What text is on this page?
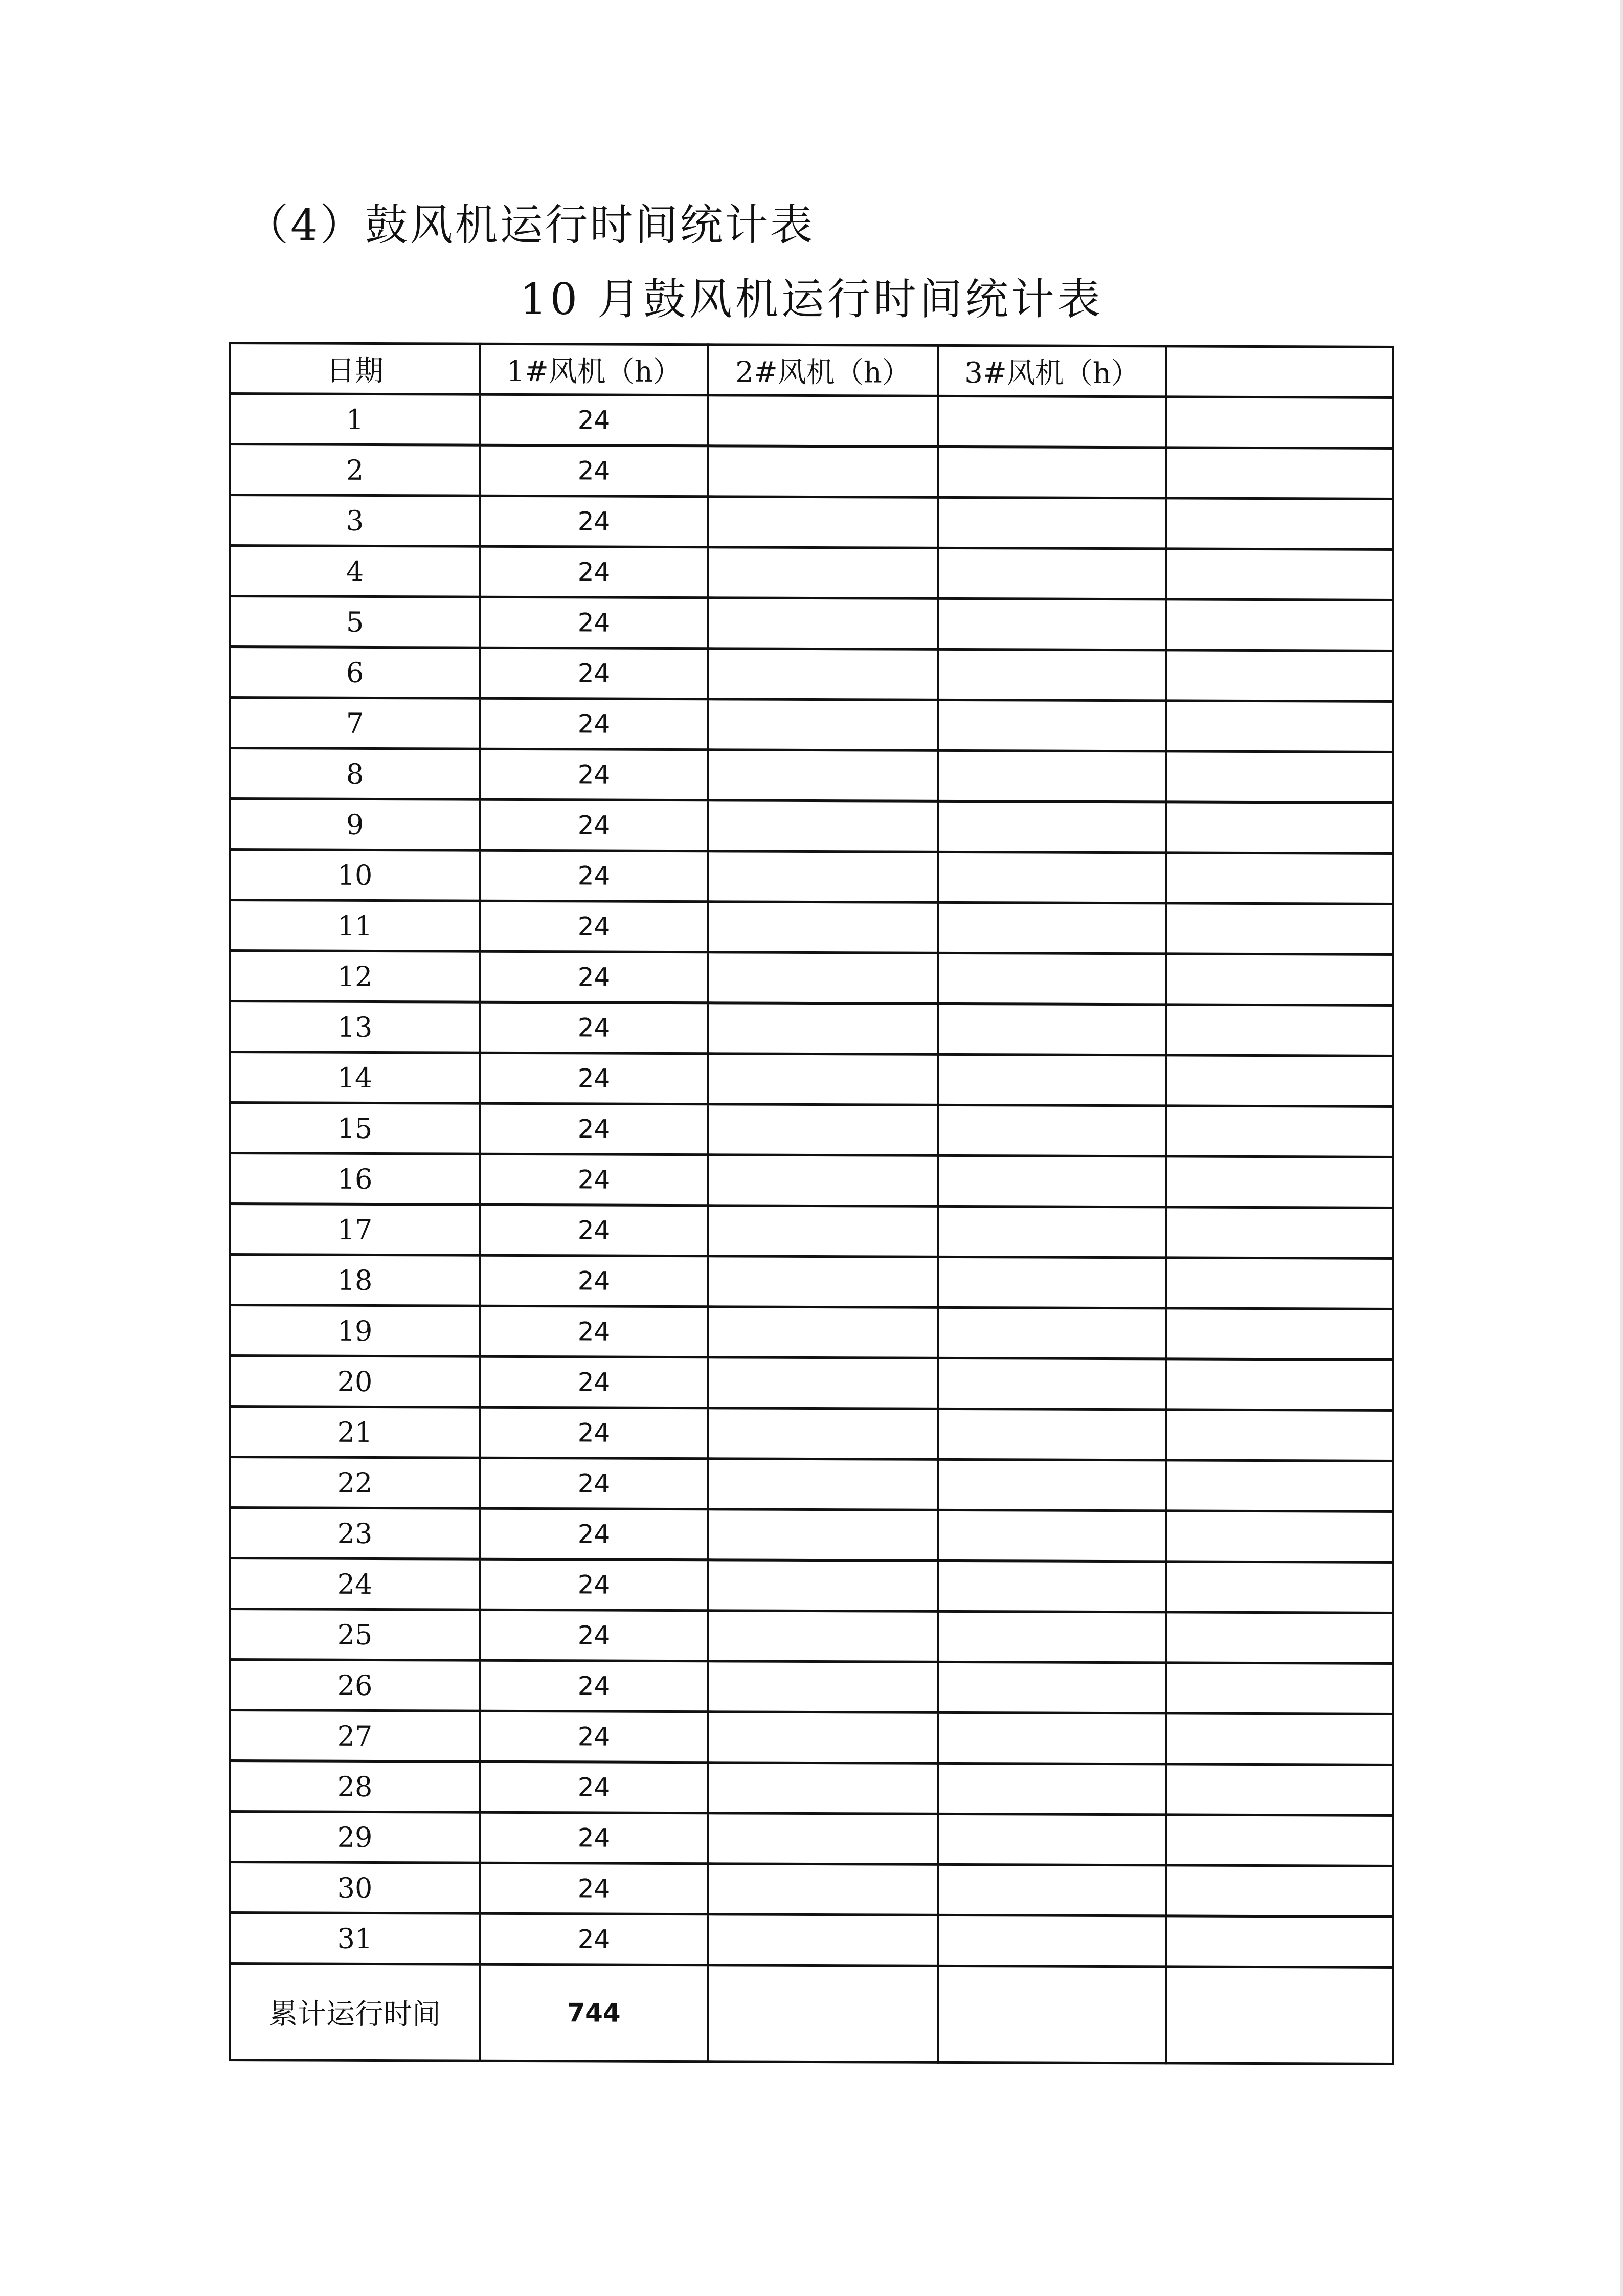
（4）鼓风机运行时间统计表
10 月鼓风机运行时间统计表
日期	1#风机（h）	2#风机（h）	3#风机（h）	
1	24			
2	24			
3	24			
4	24			
5	24			
6	24			
7	24			
8	24			
9	24			
10	24			
11	24			
12	24			
13	24			
14	24			
15	24			
16	24			
17	24			
18	24			
19	24			
20	24			
21	24			
22	24			
23	24			
24	24			
25	24			
26	24			
27	24			
28	24			
29	24			
30	24			
31	24			
累计运行时间	744			
